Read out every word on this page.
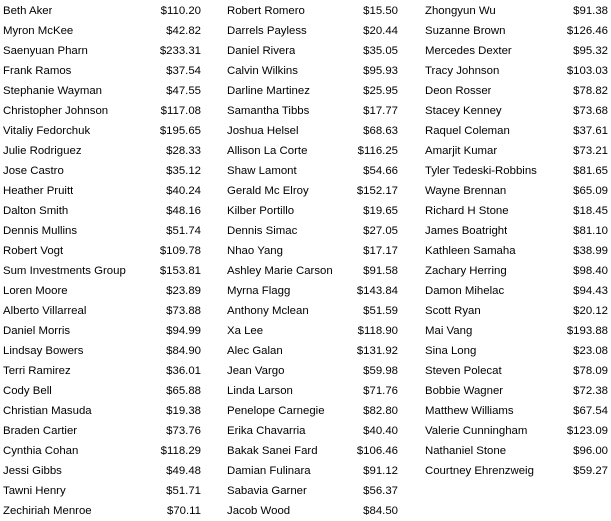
Beth Aker	$110.20
Myron McKee	$42.82
Saenyuan Pharn	$233.31
Frank Ramos	$37.54
Stephanie Wayman	$47.55
Christopher Johnson	$117.08
Vitaliy Fedorchuk	$195.65
Julie Rodriguez	$28.33
Jose Castro	$35.12
Heather Pruitt	$40.24
Dalton Smith	$48.16
Dennis Mullins	$51.74
Robert Vogt	$109.78
Sum Investments Group	$153.81
Loren Moore	$23.89
Alberto Villarreal	$73.88
Daniel Morris	$94.99
Lindsay Bowers	$84.90
Terri Ramirez	$36.01
Cody Bell	$65.88
Christian Masuda	$19.38
Braden Cartier	$73.76
Cynthia Cohan	$118.29
Jessi Gibbs	$49.48
Tawni Henry	$51.71
Zechiriah Menroe	$70.11
Robert Romero	$15.50
Darrels Payless	$20.44
Daniel Rivera	$35.05
Calvin Wilkins	$95.93
Darline Martinez	$25.95
Samantha Tibbs	$17.77
Joshua Helsel	$68.63
Allison La Corte	$116.25
Shaw Lamont	$54.66
Gerald Mc Elroy	$152.17
Kilber Portillo	$19.65
Dennis Simac	$27.05
Nhao Yang	$17.17
Ashley Marie Carson	$91.58
Myrna Flagg	$143.84
Anthony Mclean	$51.59
Xa Lee	$118.90
Alec Galan	$131.92
Jean Vargo	$59.98
Linda Larson	$71.76
Penelope Carnegie	$82.80
Erika Chavarria	$40.40
Bakak Sanei Fard	$106.46
Damian Fulinara	$91.12
Sabavia Garner	$56.37
Jacob Wood	$84.50
Zhongyun Wu	$91.38
Suzanne Brown	$126.46
Mercedes Dexter	$95.32
Tracy Johnson	$103.03
Deon Rosser	$78.82
Stacey Kenney	$73.68
Raquel Coleman	$37.61
Amarjit Kumar	$73.21
Tyler Tedeski-Robbins	$81.65
Wayne Brennan	$65.09
Richard H Stone	$18.45
James Boatright	$81.10
Kathleen Samaha	$38.99
Zachary Herring	$98.40
Damon Mihelac	$94.43
Scott Ryan	$20.12
Mai Vang	$193.88
Sina Long	$23.08
Steven Polecat	$78.09
Bobbie Wagner	$72.38
Matthew Williams	$67.54
Valerie Cunningham	$123.09
Nathaniel Stone	$96.00
Courtney Ehrenzweig	$59.27
